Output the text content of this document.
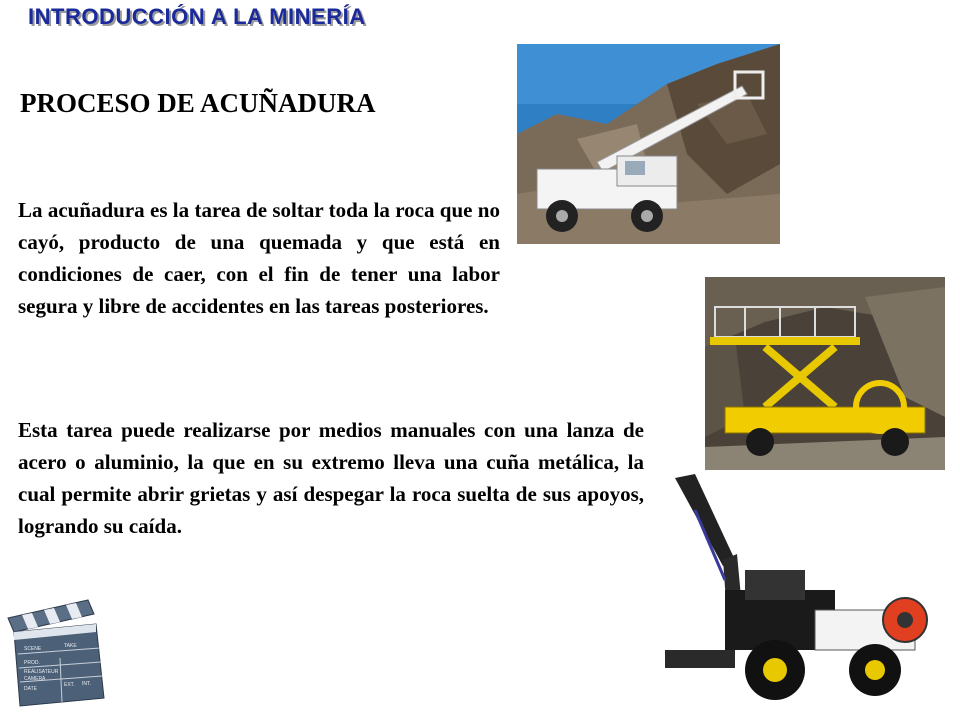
INTRODUCCIÓN A LA MINERÍA
PROCESO DE ACUÑADURA

La acuñadura es la tarea de soltar toda la roca que no cayó, producto de una quemada y que está en condiciones de caer, con el fin de tener una labor segura y libre de accidentes en las tareas posteriores.

Esta tarea puede realizarse por medios manuales con una lanza de acero o aluminio, la que en su extremo lleva una cuña metálica, la cual permite abrir grietas y así despegar la roca suelta de sus apoyos, logrando su caída.

SCENE	TAKE
PROD.
REALISATEUR
CAMERA
DATE
EXT. INT.
